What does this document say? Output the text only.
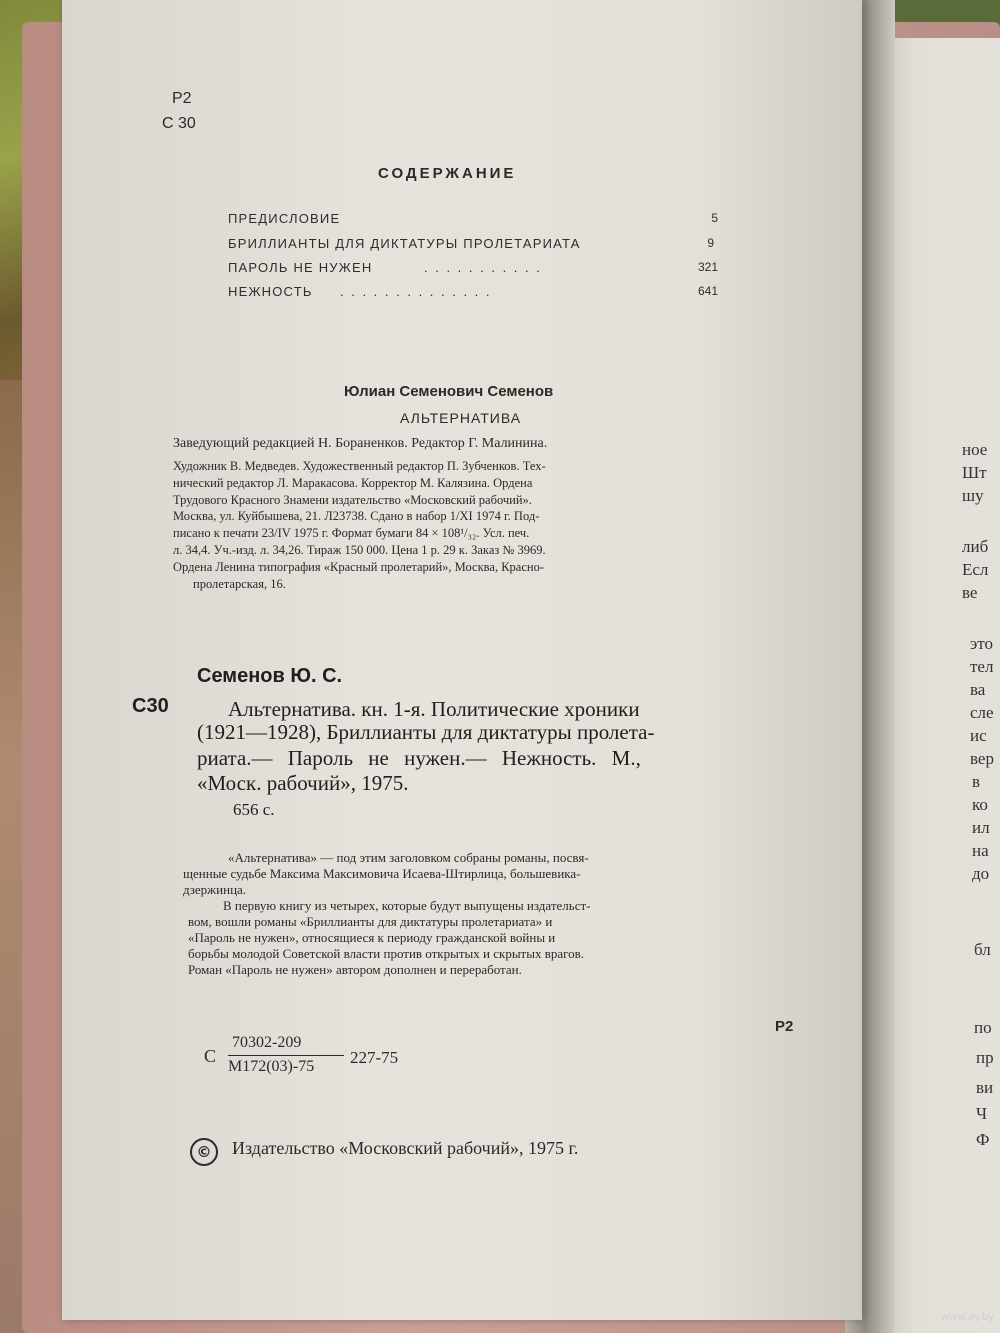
Р2
С 30
СОДЕРЖАНИЕ
ПРЕДИСЛОВИЕ	5
БРИЛЛИАНТЫ ДЛЯ ДИКТАТУРЫ ПРОЛЕТАРИАТА	9
ПАРОЛЬ НЕ НУЖЕН	. . . . . . . . . . .	321
НЕЖНОСТЬ . . . . . . . . . . . . . .	641
Юлиан Семенович Семенов
АЛЬТЕРНАТИВА
Заведующий редакцией Н. Бораненков. Редактор Г. Малинина.
Художник В. Медведев. Художественный редактор П. Зубченков. Тех-
нический редактор Л. Маракасова. Корректор М. Калязина. Ордена
Трудового Красного Знамени издательство «Московский рабочий».
Москва, ул. Куйбышева, 21. Л23738. Сдано в набор 1/XI 1974 г. Под-
писано к печати 23/IV 1975 г. Формат бумаги 84 × 108¹/₃₂. Усл. печ.
л. 34,4. Уч.-изд. л. 34,26. Тираж 150 000. Цена 1 р. 29 к. Заказ № 3969.
Ордена Ленина типография «Красный пролетарий», Москва, Красно-
пролетарская, 16.
Семенов Ю. С.
С30	Альтернатива. кн. 1-я. Политические хроники
(1921—1928), Бриллианты для диктатуры пролета-
риата.— Пароль не нужен.— Нежность. М.,
«Моск. рабочий», 1975.
656 с.
«Альтернатива» — под этим заголовком собраны романы, посвя-
щенные судьбе Максима Максимовича Исаева-Штирлица, большевика-
дзержинца.
В первую книгу из четырех, которые будут выпущены издательст-
вом, вошли романы «Бриллианты для диктатуры пролетариата» и
«Пароль не нужен», относящиеся к периоду гражданской войны и
борьбы молодой Советской власти против открытых и скрытых врагов.
Роман «Пароль не нужен» автором дополнен и переработан.
Р2
С
70302-209
М172(03)-75 227-75
©	Издательство «Московский рабочий», 1975 г.
ное
Шт
шу
либ
Есл
ве
это
тел
ва
сле
ис
вер
в
ко
ил
на
до
бл
по
пр
ви
Ч
Ф
www.ay.by
